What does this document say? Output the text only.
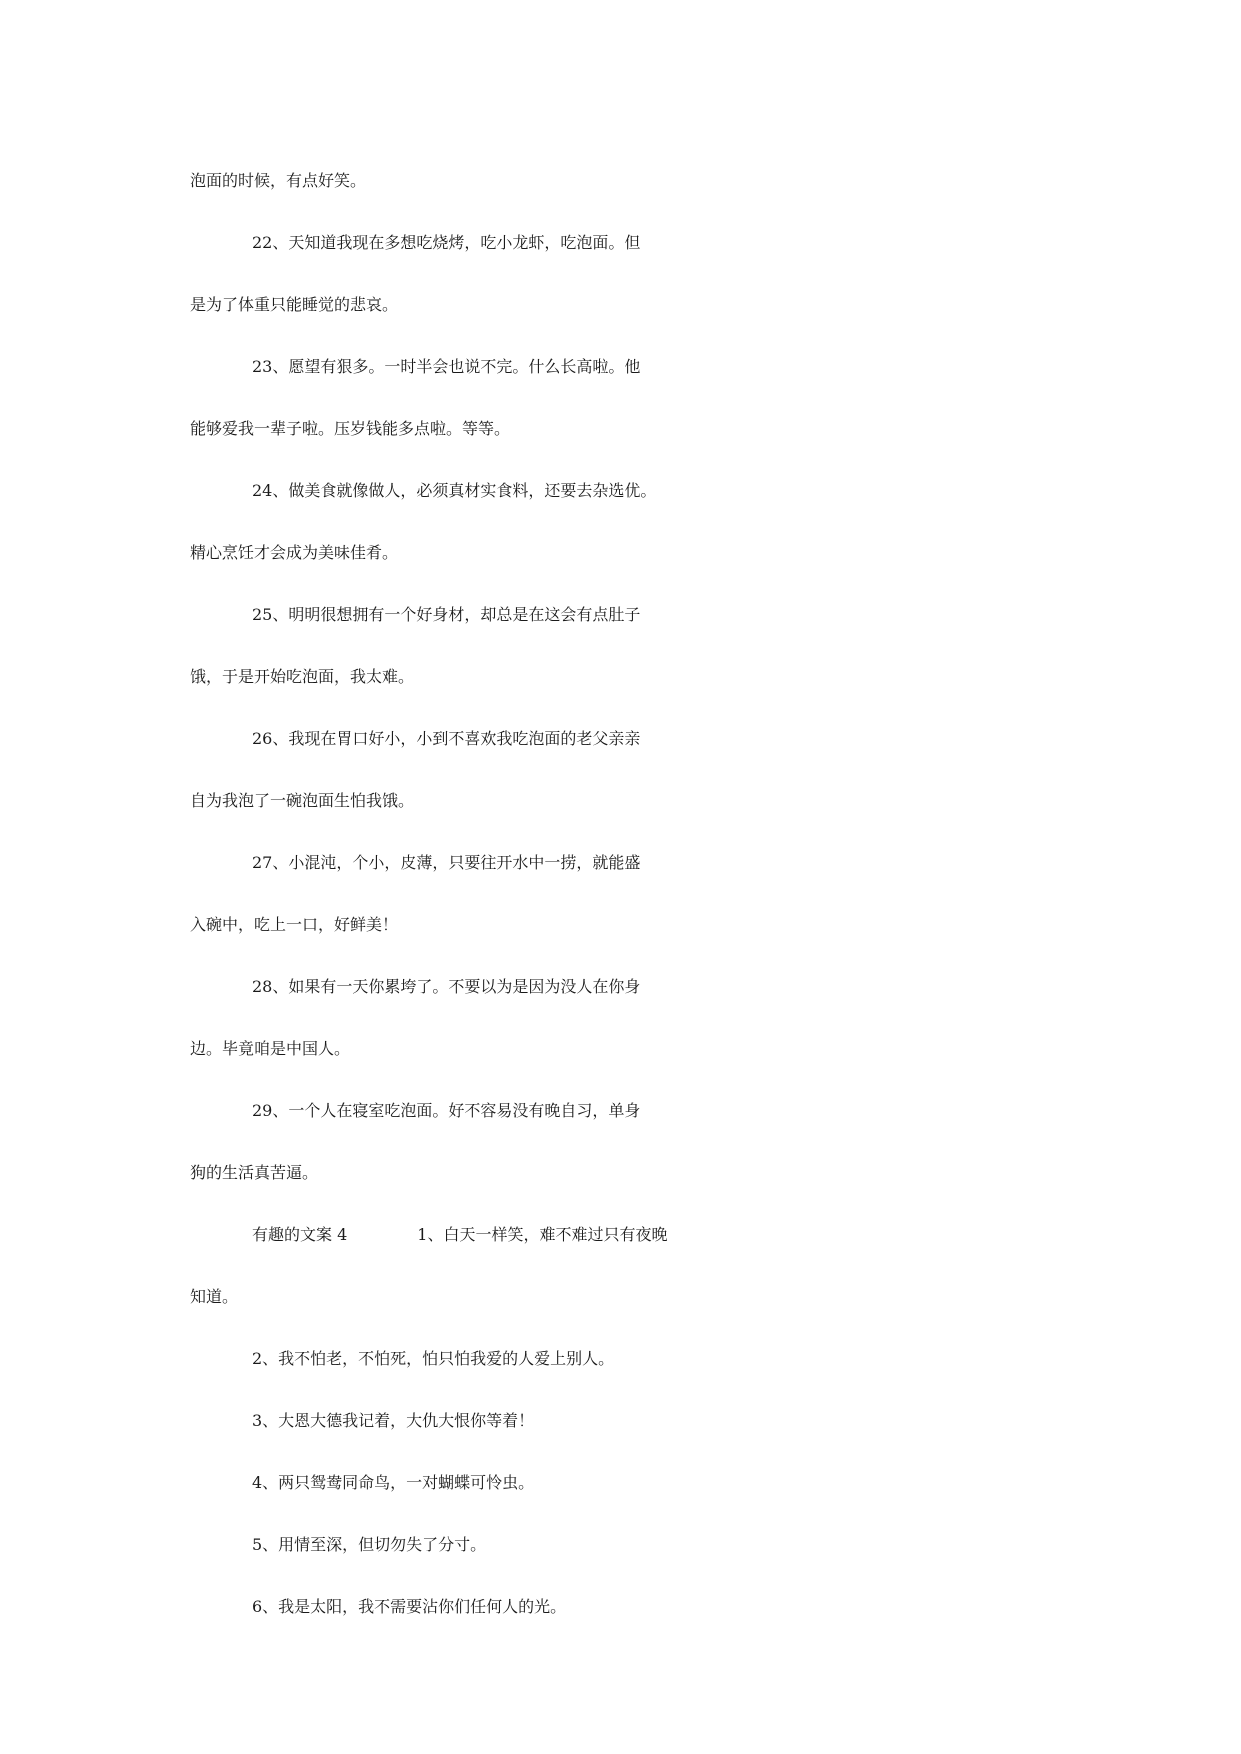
泡面的时候，有点好笑。
22、天知道我现在多想吃烧烤，吃小龙虾，吃泡面。但
是为了体重只能睡觉的悲哀。
23、愿望有狠多。一时半会也说不完。什么长高啦。他
能够爱我一辈子啦。压岁钱能多点啦。等等。
24、做美食就像做人，必须真材实食料，还要去杂选优。
精心烹饪才会成为美味佳肴。
25、明明很想拥有一个好身材，却总是在这会有点肚子
饿，于是开始吃泡面，我太难。
26、我现在胃口好小，小到不喜欢我吃泡面的老父亲亲
自为我泡了一碗泡面生怕我饿。
27、小混沌，个小，皮薄，只要往开水中一捞，就能盛
入碗中，吃上一口，好鲜美！
28、如果有一天你累垮了。不要以为是因为没人在你身
边。毕竟咱是中国人。
29、一个人在寝室吃泡面。好不容易没有晚自习，单身
狗的生活真苦逼。
有趣的文案 4	1、白天一样笑，难不难过只有夜晚
知道。
2、我不怕老，不怕死，怕只怕我爱的人爱上别人。
3、大恩大德我记着，大仇大恨你等着！
4、两只鸳鸯同命鸟，一对蝴蝶可怜虫。
5、用情至深，但切勿失了分寸。
6、我是太阳，我不需要沾你们任何人的光。
